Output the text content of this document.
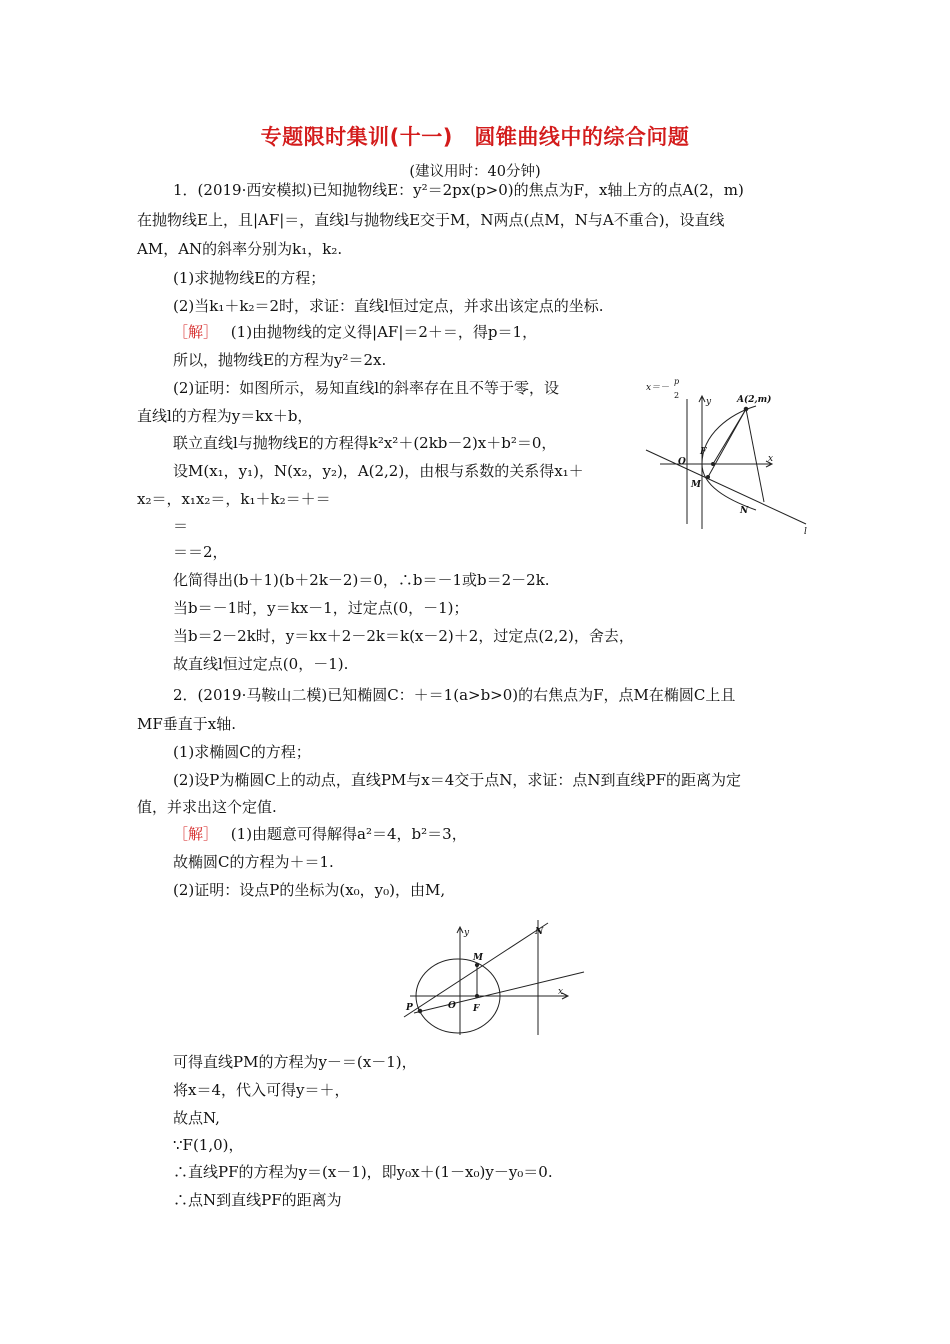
专题限时集训(十一)　圆锥曲线中的综合问题
(建议用时：40分钟)
1．(2019·西安模拟)已知抛物线E：y²＝2px(p>0)的焦点为F，x轴上方的点A(2，m)
在抛物线E上，且|AF|＝，直线l与抛物线E交于M，N两点(点M，N与A不重合)，设直线
AM，AN的斜率分别为k₁，k₂.
(1)求抛物线E的方程；
(2)当k₁＋k₂＝2时，求证：直线l恒过定点，并求出该定点的坐标.
［解］ (1)由抛物线的定义得|AF|＝2＋＝，得p＝1，
所以，抛物线E的方程为y²＝2x.
(2)证明：如图所示，易知直线l的斜率存在且不等于零，设
直线l的方程为y＝kx＋b，
联立直线l与抛物线E的方程得k²x²＋(2kb－2)x＋b²＝0，
设M(x₁，y₁)，N(x₂，y₂)，A(2,2)，由根与系数的关系得x₁＋
x₂＝，x₁x₂＝，k₁＋k₂＝＋＝
＝
＝＝2，
化简得出(b＋1)(b＋2k－2)＝0，∴b＝－1或b＝2－2k.
当b＝－1时，y＝kx－1，过定点(0，－1)；
当b＝2－2k时，y＝kx＋2－2k＝k(x－2)＋2，过定点(2,2)，舍去，
故直线l恒过定点(0，－1).
x＝－
p
2
y
x
A(2,m)
O
F
M
N
l
2．(2019·马鞍山二模)已知椭圆C：＋＝1(a>b>0)的右焦点为F，点M在椭圆C上且
MF垂直于x轴.
(1)求椭圆C的方程；
(2)设P为椭圆C上的动点，直线PM与x＝4交于点N，求证：点N到直线PF的距离为定
值，并求出这个定值.
［解］ (1)由题意可得解得a²＝4，b²＝3，
故椭圆C的方程为＋＝1.
(2)证明：设点P的坐标为(x₀，y₀)，由M,
y
x
M
N
P	O F
可得直线PM的方程为y－＝(x－1)，
将x＝4，代入可得y＝＋，
故点N,
∵F(1,0)，
∴直线PF的方程为y＝(x－1)，即y₀x＋(1－x₀)y－y₀＝0.
∴点N到直线PF的距离为
